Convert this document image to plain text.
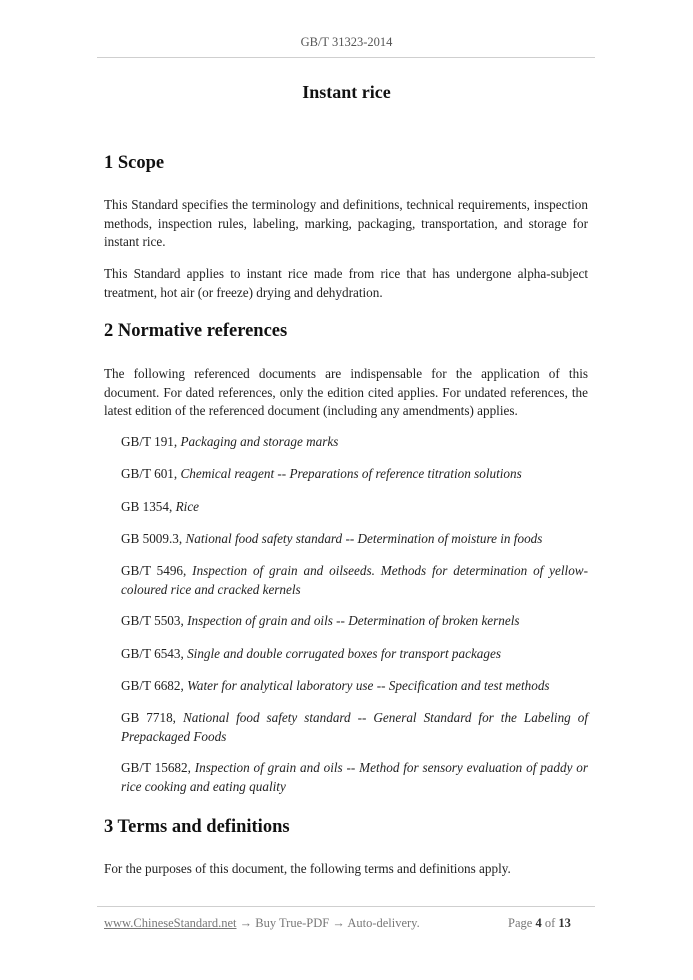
GB/T 31323-2014
Instant rice
1 Scope
This Standard specifies the terminology and definitions, technical requirements, inspection methods, inspection rules, labeling, marking, packaging, transportation, and storage for instant rice.
This Standard applies to instant rice made from rice that has undergone alpha-subject treatment, hot air (or freeze) drying and dehydration.
2 Normative references
The following referenced documents are indispensable for the application of this document. For dated references, only the edition cited applies. For undated references, the latest edition of the referenced document (including any amendments) applies.
GB/T 191, Packaging and storage marks
GB/T 601, Chemical reagent -- Preparations of reference titration solutions
GB 1354, Rice
GB 5009.3, National food safety standard -- Determination of moisture in foods
GB/T 5496, Inspection of grain and oilseeds. Methods for determination of yellow-coloured rice and cracked kernels
GB/T 5503, Inspection of grain and oils -- Determination of broken kernels
GB/T 6543, Single and double corrugated boxes for transport packages
GB/T 6682, Water for analytical laboratory use -- Specification and test methods
GB 7718, National food safety standard -- General Standard for the Labeling of Prepackaged Foods
GB/T 15682, Inspection of grain and oils -- Method for sensory evaluation of paddy or rice cooking and eating quality
3 Terms and definitions
For the purposes of this document, the following terms and definitions apply.
www.ChineseStandard.net → Buy True-PDF → Auto-delivery.	Page 4 of 13
